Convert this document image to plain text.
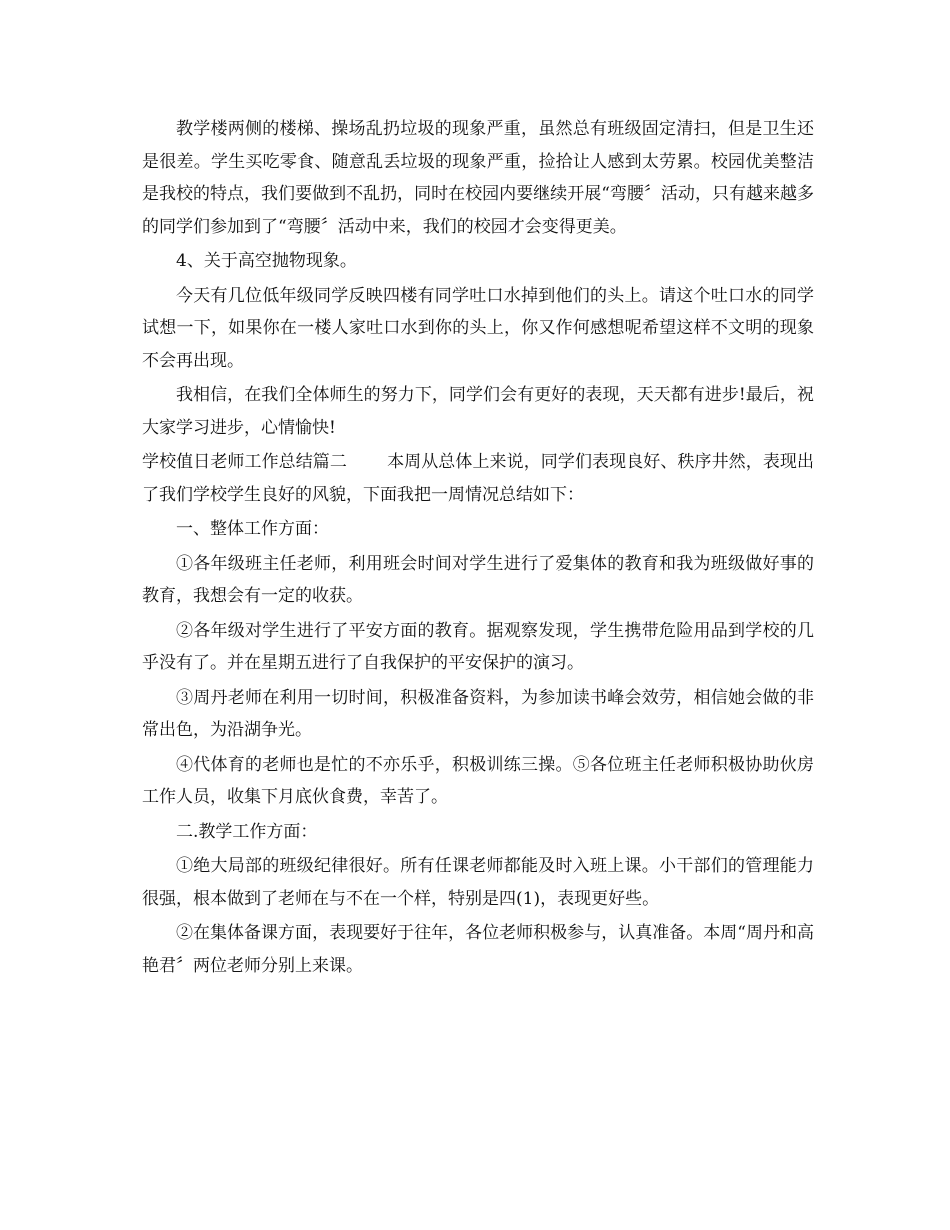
教学楼两侧的楼梯、操场乱扔垃圾的现象严重，虽然总有班级固定清扫，但是卫生还是很差。学生买吃零食、随意乱丢垃圾的现象严重，捡拾让人感到太劳累。校园优美整洁是我校的特点，我们要做到不乱扔，同时在校园内要继续开展“弯腰〞活动，只有越来越多的同学们参加到了“弯腰〞活动中来，我们的校园才会变得更美。

4、关于高空抛物现象。

今天有几位低年级同学反映四楼有同学吐口水掉到他们的头上。请这个吐口水的同学试想一下，如果你在一楼人家吐口水到你的头上，你又作何感想呢希望这样不文明的现象不会再出现。

我相信，在我们全体师生的努力下，同学们会有更好的表现，天天都有进步!最后，祝大家学习进步，心情愉快!

学校值日老师工作总结篇二 本周从总体上来说，同学们表现良好、秩序井然，表现出了我们学校学生良好的风貌，下面我把一周情况总结如下：

一、整体工作方面：

①各年级班主任老师，利用班会时间对学生进行了爱集体的教育和我为班级做好事的教育，我想会有一定的收获。

②各年级对学生进行了平安方面的教育。据观察发现，学生携带危险用品到学校的几乎没有了。并在星期五进行了自我保护的平安保护的演习。

③周丹老师在利用一切时间，积极准备资料，为参加读书峰会效劳，相信她会做的非常出色，为沿湖争光。

④代体育的老师也是忙的不亦乐乎，积极训练三操。⑤各位班主任老师积极协助伙房工作人员，收集下月底伙食费，幸苦了。

二.教学工作方面：

①绝大局部的班级纪律很好。所有任课老师都能及时入班上课。小干部们的管理能力很强，根本做到了老师在与不在一个样，特别是四(1)，表现更好些。

②在集体备课方面，表现要好于往年，各位老师积极参与，认真准备。本周“周丹和高艳君〞两位老师分别上来课。
